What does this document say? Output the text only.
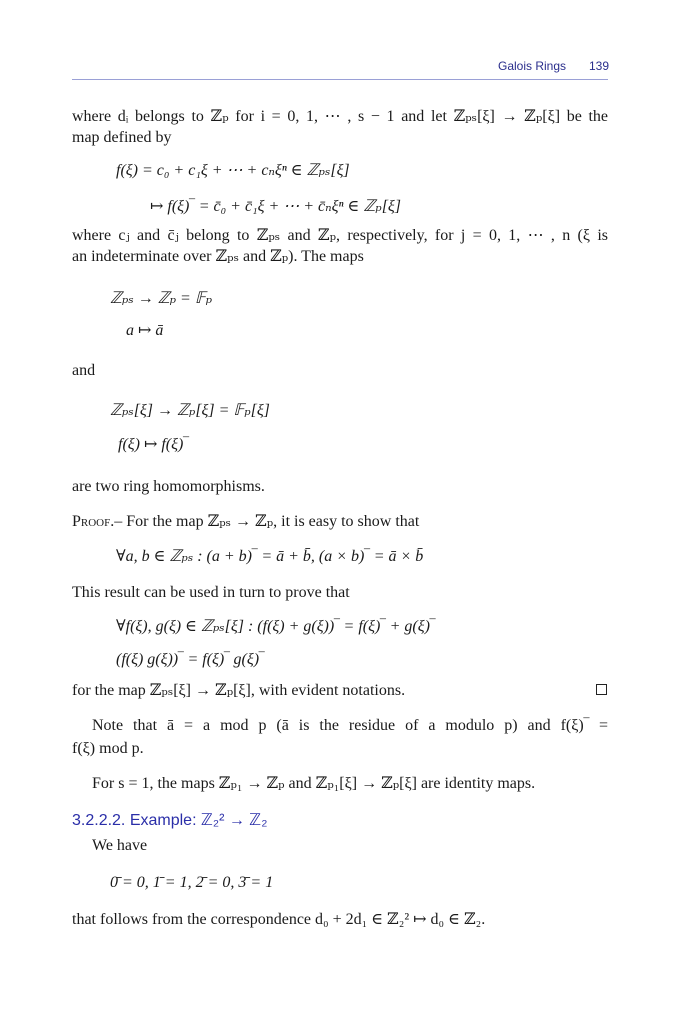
Galois Rings 139
where dᵢ belongs to ℤₚ for i = 0, 1, ⋯ , s − 1 and let ℤₚₛ[ξ] → ℤₚ[ξ] be the
map defined by
f(ξ) = c₀ + c₁ξ + ⋯ + cₙξⁿ ∈ ℤₚₛ[ξ]
↦ f(ξ)‾ = c̄₀ + c̄₁ξ + ⋯ + c̄ₙξⁿ ∈ ℤₚ[ξ]
where cⱼ and c̄ⱼ belong to ℤₚₛ and ℤₚ, respectively, for j = 0, 1, ⋯ , n (ξ is
an indeterminate over ℤₚₛ and ℤₚ). The maps
ℤₚₛ → ℤₚ = 𝔽ₚ
a ↦ ā
and
ℤₚₛ[ξ] → ℤₚ[ξ] = 𝔽ₚ[ξ]
f(ξ) ↦ f(ξ)‾
are two ring homomorphisms.
Proof.– For the map ℤₚₛ → ℤₚ, it is easy to show that
∀a, b ∈ ℤₚₛ : (a + b)‾ = ā + b̄, (a × b)‾ = ā × b̄
This result can be used in turn to prove that
∀f(ξ), g(ξ) ∈ ℤₚₛ[ξ] : (f(ξ) + g(ξ))‾ = f(ξ)‾ + g(ξ)‾
(f(ξ) g(ξ))‾ = f(ξ)‾ g(ξ)‾
for the map ℤₚₛ[ξ] → ℤₚ[ξ], with evident notations.
Note that ā = a mod p (ā is the residue of a modulo p) and f(ξ)‾ =
f(ξ) mod p.
For s = 1, the maps ℤₚ₁ → ℤₚ and ℤₚ₁[ξ] → ℤₚ[ξ] are identity maps.
3.2.2.2. Example: ℤ₂² → ℤ₂
We have
0̄ = 0, 1̄ = 1, 2̄ = 0, 3̄ = 1
that follows from the correspondence d₀ + 2d₁ ∈ ℤ₂² ↦ d₀ ∈ ℤ₂.
